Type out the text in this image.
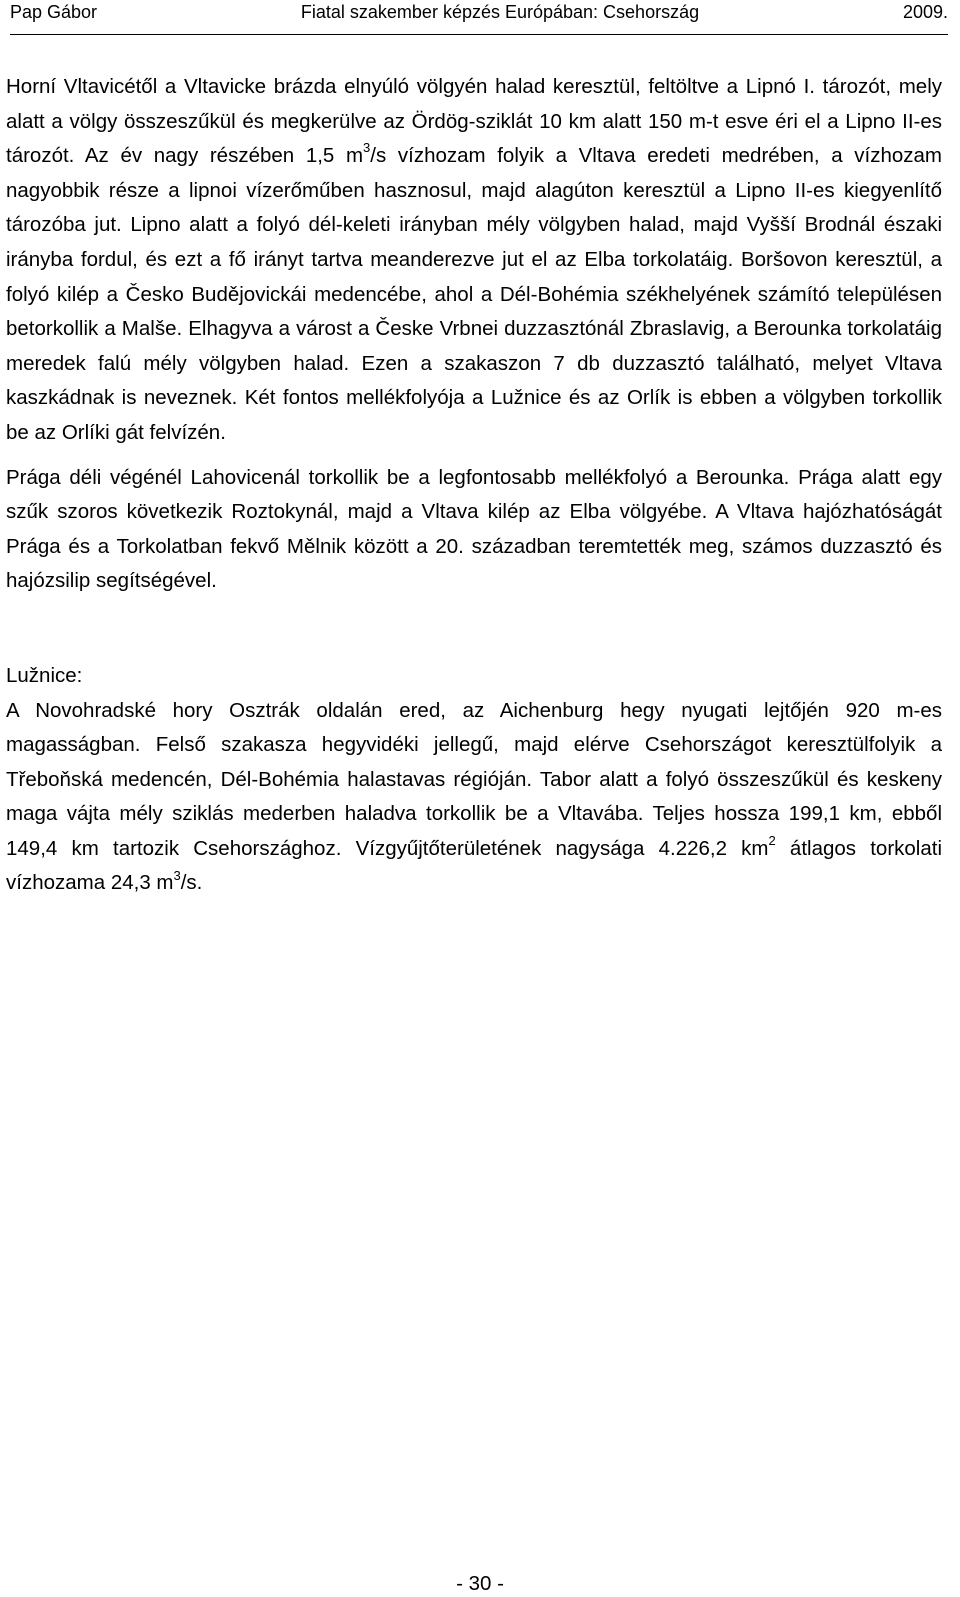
Pap Gábor	Fiatal szakember képzés Európában: Csehország	2009.

Horní Vltavicétől a Vltavicke brázda elnyúló völgyén halad keresztül, feltöltve a Lipnó I. tározót, mely alatt a völgy összeszűkül és megkerülve az Ördög-sziklát 10 km alatt 150 m-t esve éri el a Lipno II-es tározót. Az év nagy részében 1,5 $m^3/s$ vízhozam folyik a Vltava eredeti medrében, a vízhozam nagyobbik része a lipnoi vízerőműben hasznosul, majd alagúton keresztül a Lipno II-es kiegyenlítő tározóba jut. Lipno alatt a folyó dél-keleti irányban mély völgyben halad, majd Vyšší Brodnál északi irányba fordul, és ezt a fő irányt tartva meanderezve jut el az Elba torkolatáig. Boršovon keresztül, a folyó kilép a Česko Budějovickái medencébe, ahol a Dél-Bohémia székhelyének számító településen betorkollik a Malše. Elhagyva a várost a Česke Vrbnei duzzasztónál Zbraslavig, a Berounka torkolatáig meredek falú mély völgyben halad. Ezen a szakaszon 7 db duzzasztó található, melyet Vltava kaszkádnak is neveznek. Két fontos mellékfolyója a Lužnice és az Orlík is ebben a völgyben torkollik be az Orlíki gát felvízén.

Prága déli végénél Lahovicenál torkollik be a legfontosabb mellékfolyó a Berounka. Prága alatt egy szűk szoros következik Roztokynál, majd a Vltava kilép az Elba völgyébe. A Vltava hajózhatóságát Prága és a Torkolatban fekvő Mělnik között a 20. században teremtették meg, számos duzzasztó és hajózsilip segítségével.

Lužnice:

A Novohradské hory Osztrák oldalán ered, az Aichenburg hegy nyugati lejtőjén 920 m-es magasságban. Felső szakasza hegyvidéki jellegű, majd elérve Csehországot keresztülfolyik a Třeboňská medencén, Dél-Bohémia halastavas régióján. Tabor alatt a folyó összeszűkül és keskeny maga vájta mély sziklás mederben haladva torkollik be a Vltavába. Teljes hossza 199,1 km, ebből 149,4 km tartozik Csehországhoz. Vízgyűjtőterületének nagysága 4.226,2 $km^2$ átlagos torkolati vízhozama 24,3 $m^3/s$.

- 30 -
